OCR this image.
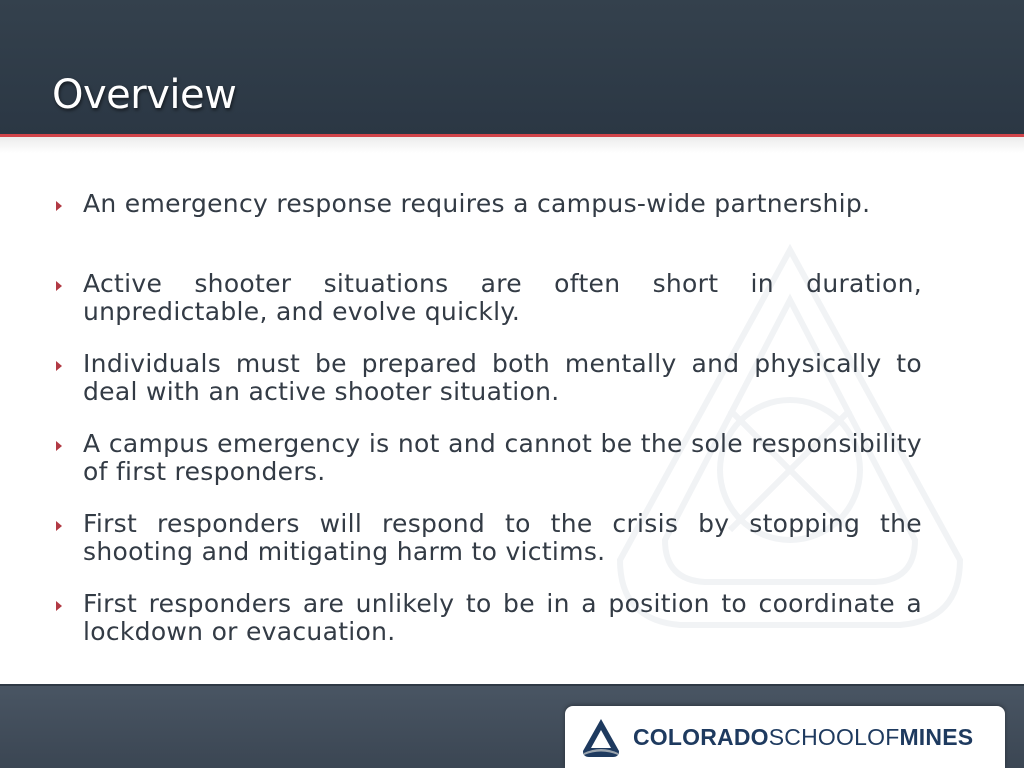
Overview

An emergency response requires a campus-wide partnership.

Active shooter situations are often short in duration, unpredictable, and evolve quickly.

Individuals must be prepared both mentally and physically to deal with an active shooter situation.

A campus emergency is not and cannot be the sole responsibility of first responders.

First responders will respond to the crisis by stopping the shooting and mitigating harm to victims.

First responders are unlikely to be in a position to coordinate a lockdown or evacuation.

COLORADOSCHOOLOFMINES
